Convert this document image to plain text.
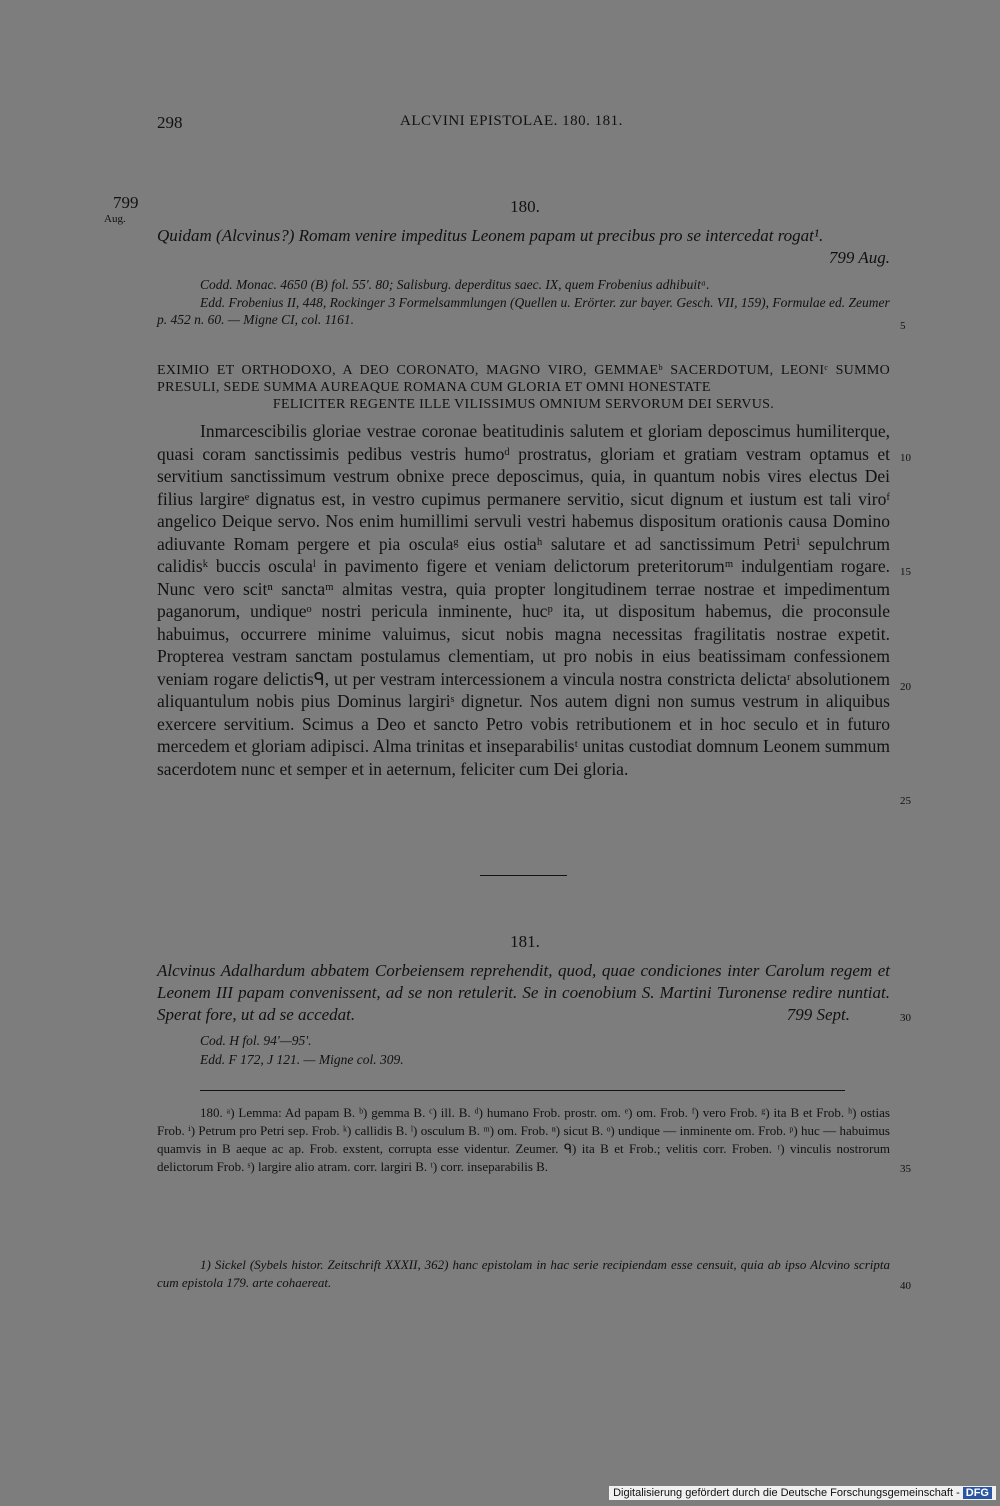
298	ALCVINI EPISTOLAE. 180. 181.
799
Aug.
180.
Quidam (Alcvinus?) Romam venire impeditus Leonem papam ut precibus pro se intercedat rogat¹.
799 Aug.
Codd. Monac. 4650 (B) fol. 55'. 80; Salisburg. deperditus saec. IX, quem Frobenius adhibuitᵃ.
Edd. Frobenius II, 448, Rockinger 3 Formelsammlungen (Quellen u. Erörter. zur bayer. Gesch. VII, 159), Formulae ed. Zeumer p. 452 n. 60. — Migne CI, col. 1161.
EXIMIO ET ORTHODOXO, A DEO CORONATO, MAGNO VIRO, GEMMAEᵇ SACERDOTUM, LEONIᶜ SUMMO PRESULI, SEDE SUMMA AUREAQUE ROMANA CUM GLORIA ET OMNI HONESTATE
FELICITER REGENTE ILLE VILISSIMUS OMNIUM SERVORUM DEI SERVUS.

Inmarcescibilis gloriae vestrae coronae beatitudinis salutem et gloriam deposcimus humiliterque, quasi coram sanctissimis pedibus vestris humoᵈ prostratus, gloriam et gratiam vestram optamus et servitium sanctissimum vestrum obnixe prece deposcimus, quia, in quantum nobis vires electus Dei filius largireᵉ dignatus est, in vestro cupimus permanere servitio, sicut dignum et iustum est tali viroᶠ angelico Deique servo. Nos enim humillimi servuli vestri habemus dispositum orationis causa Domino adiuvante Romam pergere et pia osculaᵍ eius ostiaʰ salutare et ad sanctissimum Petriⁱ sepulchrum calidisᵏ buccis osculaˡ in pavimento figere et veniam delictorum preteritorumᵐ indulgentiam rogare. Nunc vero scitⁿ sanctaᵐ almitas vestra, quia propter longitudinem terrae nostrae et impedimentum paganorum, undiqueᵒ nostri pericula inminente, hucᵖ ita, ut dispositum habemus, die proconsule habuimus, occurrere minime valuimus, sicut nobis magna necessitas fragilitatis nostrae expetit. Propterea vestram sanctam postulamus clementiam, ut pro nobis in eius beatissimam confessionem veniam rogare delictisᑫ, ut per vestram intercessionem a vincula nostra constricta delictaʳ absolutionem aliquantulum nobis pius Dominus largiriˢ dignetur. Nos autem digni non sumus vestrum in aliquibus exercere servitium. Scimus a Deo et sancto Petro vobis retributionem et in hoc seculo et in futuro mercedem et gloriam adipisci. Alma trinitas et inseparabilisᵗ unitas custodiat domnum Leonem summum sacerdotem nunc et semper et in aeternum, feliciter cum Dei gloria.

5
10
15
20
25
30
35
40
181.
Alcvinus Adalhardum abbatem Corbeiensem reprehendit, quod, quae condiciones inter Carolum regem et Leonem III papam convenissent, ad se non retulerit. Se in coenobium S. Martini Turonense redire nuntiat. Sperat fore, ut ad se accedat.	799 Sept.
Cod. H fol. 94'—95'.
Edd. F 172, J 121. — Migne col. 309.

180. ᵃ) Lemma: Ad papam B. ᵇ) gemma B. ᶜ) ill. B. ᵈ) humano Frob. prostr. om. ᵉ) om. Frob. ᶠ) vero Frob. ᵍ) ita B et Frob. ʰ) ostias Frob. ⁱ) Petrum pro Petri sep. Frob. ᵏ) callidis B. ˡ) osculum B. ᵐ) om. Frob. ⁿ) sicut B. ᵒ) undique — inminente om. Frob. ᵖ) huc — habuimus quamvis in B aeque ac ap. Frob. exstent, corrupta esse videntur. Zeumer. ᑫ) ita B et Frob.; velitis corr. Froben. ʳ) vinculis nostrorum delictorum Frob. ˢ) largire alio atram. corr. largiri B. ᵗ) corr. inseparabilis B.

1) Sickel (Sybels histor. Zeitschrift XXXII, 362) hanc epistolam in hac serie recipiendam esse censuit, quia ab ipso Alcvino scripta cum epistola 179. arte cohaereat.

Digitalisierung gefördert durch die Deutsche Forschungsgemeinschaft - DFG
